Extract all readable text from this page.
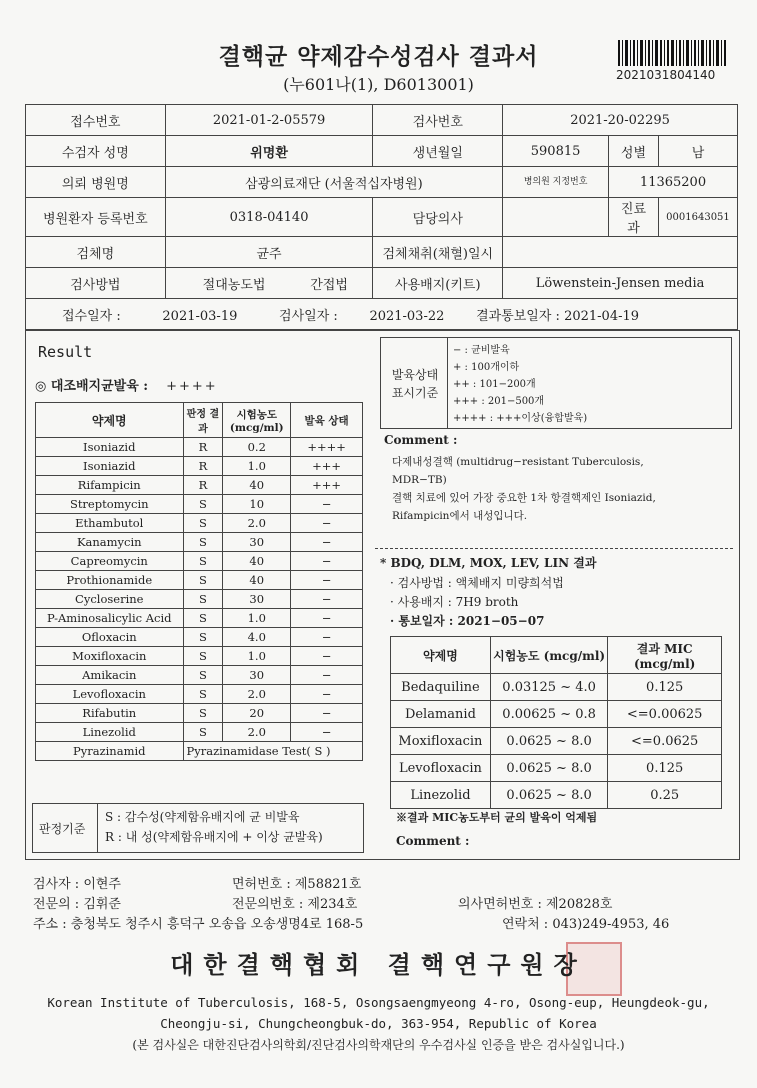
결핵균 약제감수성검사 결과서
(누601나(1), D6013001)	2021031804140
접수번호	2021-01-2-05579	검사번호	2021-20-02295		
수검자 성명	위명환	생년월일	590815	성별	남
의뢰 병원명	삼광의료재단 (서울적십자병원)		병의원 지정번호	11365200	
병원환자 등록번호	0318-04140	담당의사		진료과	0001643051
검체명	균주	검체채취(채혈)일시			
검사방법	절대농도법 간접법	사용배지(키트)	Löwenstein-Jensen media		
접수일자 : 2021-03-19 검사일자 : 2021-03-22 결과통보일자 : 2021-04-19					
Result
◎ 대조배지균발육 : ++++
약제명	판정 결과	시험농도 (mcg/ml)	발육 상태
Isoniazid	R	0.2	++++
Isoniazid	R	1.0	+++
Rifampicin	R	40	+++
Streptomycin	S	10	−
Ethambutol	S	2.0	−
Kanamycin	S	30	−
Capreomycin	S	40	−
Prothionamide	S	40	−
Cycloserine	S	30	−
P-Aminosalicylic Acid	S	1.0	−
Ofloxacin	S	4.0	−
Moxifloxacin	S	1.0	−
Amikacin	S	30	−
Levofloxacin	S	2.0	−
Rifabutin	S	20	−
Linezolid	S	2.0	−
Pyrazinamid	Pyrazinamidase Test( S )		
발육상태 표시기준
− : 균비발육
+ : 100개이하
++ : 101−200개
+++ : 201−500개
++++ : +++이상(융합발육)
Comment :
다제내성결핵 (multidrug−resistant Tuberculosis,
MDR−TB)
결핵 치료에 있어 가장 중요한 1차 항결핵제인 Isoniazid,
Rifampicin에서 내성입니다.
* BDQ, DLM, MOX, LEV, LIN 결과
· 검사방법 : 액체배지 미량희석법
· 사용배지 : 7H9 broth
· 통보일자 : 2021−05−07
약제명	시험농도 (mcg/ml)	결과 MIC (mcg/ml)
Bedaquiline	0.03125 ~ 4.0	0.125
Delamanid	0.00625 ~ 0.8	<=0.00625
Moxifloxacin	0.0625 ~ 8.0	<=0.0625
Levofloxacin	0.0625 ~ 8.0	0.125
Linezolid	0.0625 ~ 8.0	0.25
※결과 MIC농도부터 균의 발육이 억제됨
Comment :
판정기준
S : 감수성(약제함유배지에 균 비발육
R : 내 성(약제함유배지에 + 이상 균발육)
검사자 : 이현주	면허번호 : 제58821호
전문의 : 김휘준	전문의번호 : 제234호	의사면허번호 : 제20828호
주소 : 충청북도 청주시 흥덕구 오송읍 오송생명4로 168-5	연락처 : 043)249-4953, 46
대한결핵협회 결핵연구원장
Korean Institute of Tuberculosis, 168-5, Osongsaengmyeong 4-ro, Osong-eup, Heungdeok-gu,
Cheongju-si, Chungcheongbuk-do, 363-954, Republic of Korea
(본 검사실은 대한진단검사의학회/진단검사의학재단의 우수검사실 인증을 받은 검사실입니다.)
